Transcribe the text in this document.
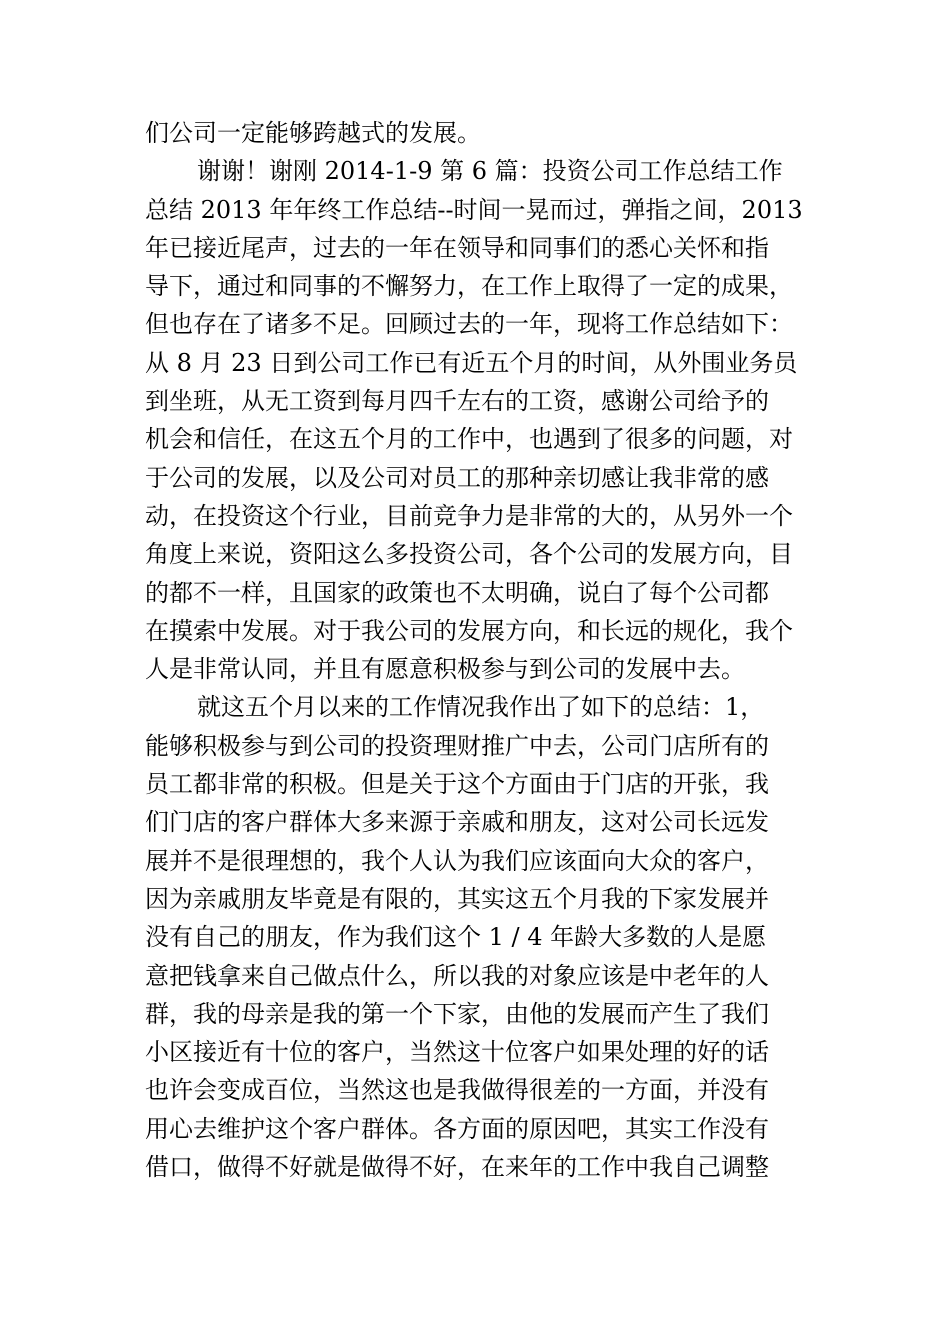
们公司一定能够跨越式的发展。
谢谢！谢刚 2014-1-9 第 6 篇：投资公司工作总结工作
总结 2013 年年终工作总结--时间一晃而过，弹指之间，2013
年已接近尾声，过去的一年在领导和同事们的悉心关怀和指
导下，通过和同事的不懈努力，在工作上取得了一定的成果，
但也存在了诸多不足。回顾过去的一年，现将工作总结如下：
从 8 月 23 日到公司工作已有近五个月的时间，从外围业务员
到坐班，从无工资到每月四千左右的工资，感谢公司给予的
机会和信任，在这五个月的工作中，也遇到了很多的问题，对
于公司的发展，以及公司对员工的那种亲切感让我非常的感
动，在投资这个行业，目前竞争力是非常的大的，从另外一个
角度上来说，资阳这么多投资公司，各个公司的发展方向，目
的都不一样，且国家的政策也不太明确，说白了每个公司都
在摸索中发展。对于我公司的发展方向，和长远的规化，我个
人是非常认同，并且有愿意积极参与到公司的发展中去。
就这五个月以来的工作情况我作出了如下的总结：1，
能够积极参与到公司的投资理财推广中去，公司门店所有的
员工都非常的积极。但是关于这个方面由于门店的开张，我
们门店的客户群体大多来源于亲戚和朋友，这对公司长远发
展并不是很理想的，我个人认为我们应该面向大众的客户，
因为亲戚朋友毕竟是有限的，其实这五个月我的下家发展并
没有自己的朋友，作为我们这个 1 / 4 年龄大多数的人是愿
意把钱拿来自己做点什么，所以我的对象应该是中老年的人
群，我的母亲是我的第一个下家，由他的发展而产生了我们
小区接近有十位的客户，当然这十位客户如果处理的好的话
也许会变成百位，当然这也是我做得很差的一方面，并没有
用心去维护这个客户群体。各方面的原因吧，其实工作没有
借口，做得不好就是做得不好，在来年的工作中我自己调整
